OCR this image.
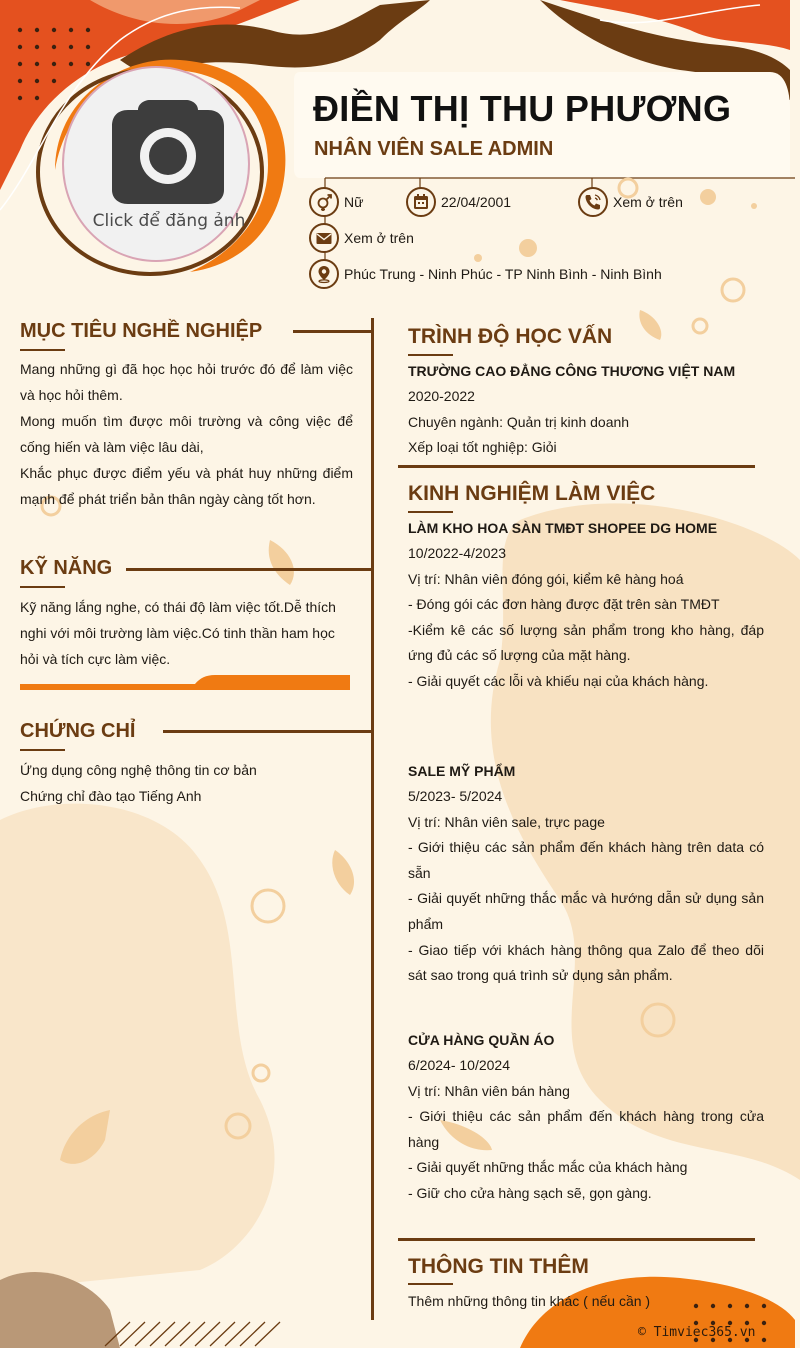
Click để đăng ảnh
ĐIỀN THỊ THU PHƯƠNG
NHÂN VIÊN SALE ADMIN
Nữ	22/04/2001	Xem ở trên
Xem ở trên
Phúc Trung - Ninh Phúc - TP Ninh Bình - Ninh Bình
MỤC TIÊU NGHỀ NGHIỆP

Mang những gì đã học học hỏi trước đó để làm việc và học hỏi thêm.

Mong muốn tìm được môi trường và công việc để cống hiến và làm việc lâu dài,

Khắc phục được điểm yếu và phát huy những điểm mạnh để phát triển bản thân ngày càng tốt hơn.

KỸ NĂNG
Kỹ năng lắng nghe, có thái độ làm việc tốt.Dễ thích nghi với môi trường làm việc.Có tinh thần ham học hỏi và tích cực làm việc.
CHỨNG CHỈ
Ứng dụng công nghệ thông tin cơ bản
Chứng chỉ đào tạo Tiếng Anh
TRÌNH ĐỘ HỌC VẤN
TRƯỜNG CAO ĐẲNG CÔNG THƯƠNG VIỆT NAM
2020-2022
Chuyên ngành: Quản trị kinh doanh
Xếp loại tốt nghiệp: Giỏi
KINH NGHIỆM LÀM VIỆC
LÀM KHO HOA SÀN TMĐT SHOPEE DG HOME
10/2022-4/2023
Vị trí: Nhân viên đóng gói, kiểm kê hàng hoá
- Đóng gói các đơn hàng được đặt trên sàn TMĐT
-Kiểm kê các số lượng sản phẩm trong kho hàng, đáp ứng đủ các số lượng của mặt hàng.
- Giải quyết các lỗi và khiếu nại của khách hàng.
SALE MỸ PHẨM
5/2023- 5/2024
Vị trí: Nhân viên sale, trực page
- Giới thiệu các sản phẩm đến khách hàng trên data có sẵn
- Giải quyết những thắc mắc và hướng dẫn sử dụng sản phẩm
- Giao tiếp với khách hàng thông qua Zalo để theo dõi sát sao trong quá trình sử dụng sản phẩm.
CỬA HÀNG QUẦN ÁO
6/2024- 10/2024
Vị trí: Nhân viên bán hàng
- Giới thiệu các sản phẩm đến khách hàng trong cửa hàng
- Giải quyết những thắc mắc của khách hàng
- Giữ cho cửa hàng sạch sẽ, gọn gàng.
THÔNG TIN THÊM
Thêm những thông tin khác ( nếu cần )
© Timviec365.vn
